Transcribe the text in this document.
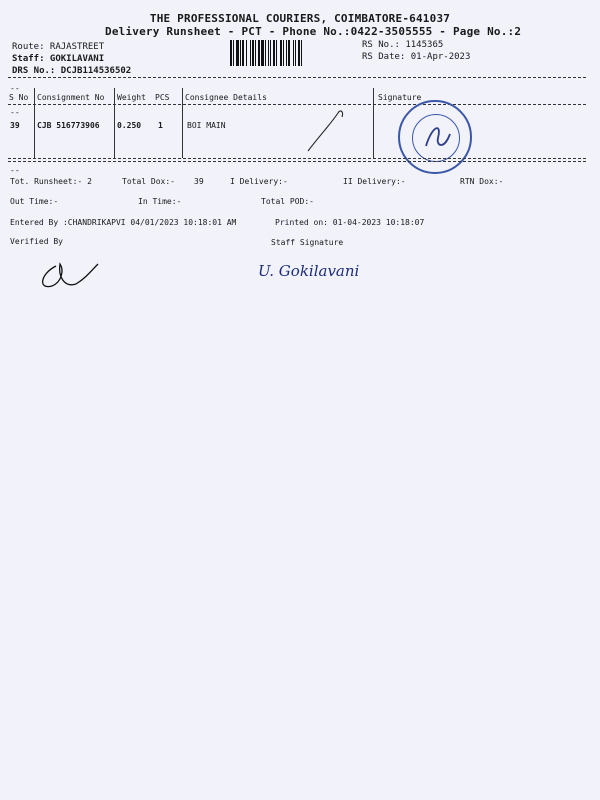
THE PROFESSIONAL COURIERS, COIMBATORE-641037
Delivery Runsheet - PCT - Phone No.:0422-3505555 - Page No.:2
Route: RAJASTREET
Staff: GOKILAVANI
DRS No.: DCJB114536502
RS No.: 1145365
RS Date: 01-Apr-2023
--
S No Consignment No Weight PCS Consignee Details	Signature
--
39 CJB 516773906 0.250 1	BOI MAIN
--
Tot. Runsheet:- 2	Total Dox:- 39	I Delivery:-	II Delivery:-	RTN Dox:-
Out Time:-	In Time:-	Total POD:-
Entered By :CHANDRIKAPVI 04/01/2023 10:18:01 AM	Printed on: 01-04-2023 10:18:07
Verified By	Staff Signature
U. Gokilavani
